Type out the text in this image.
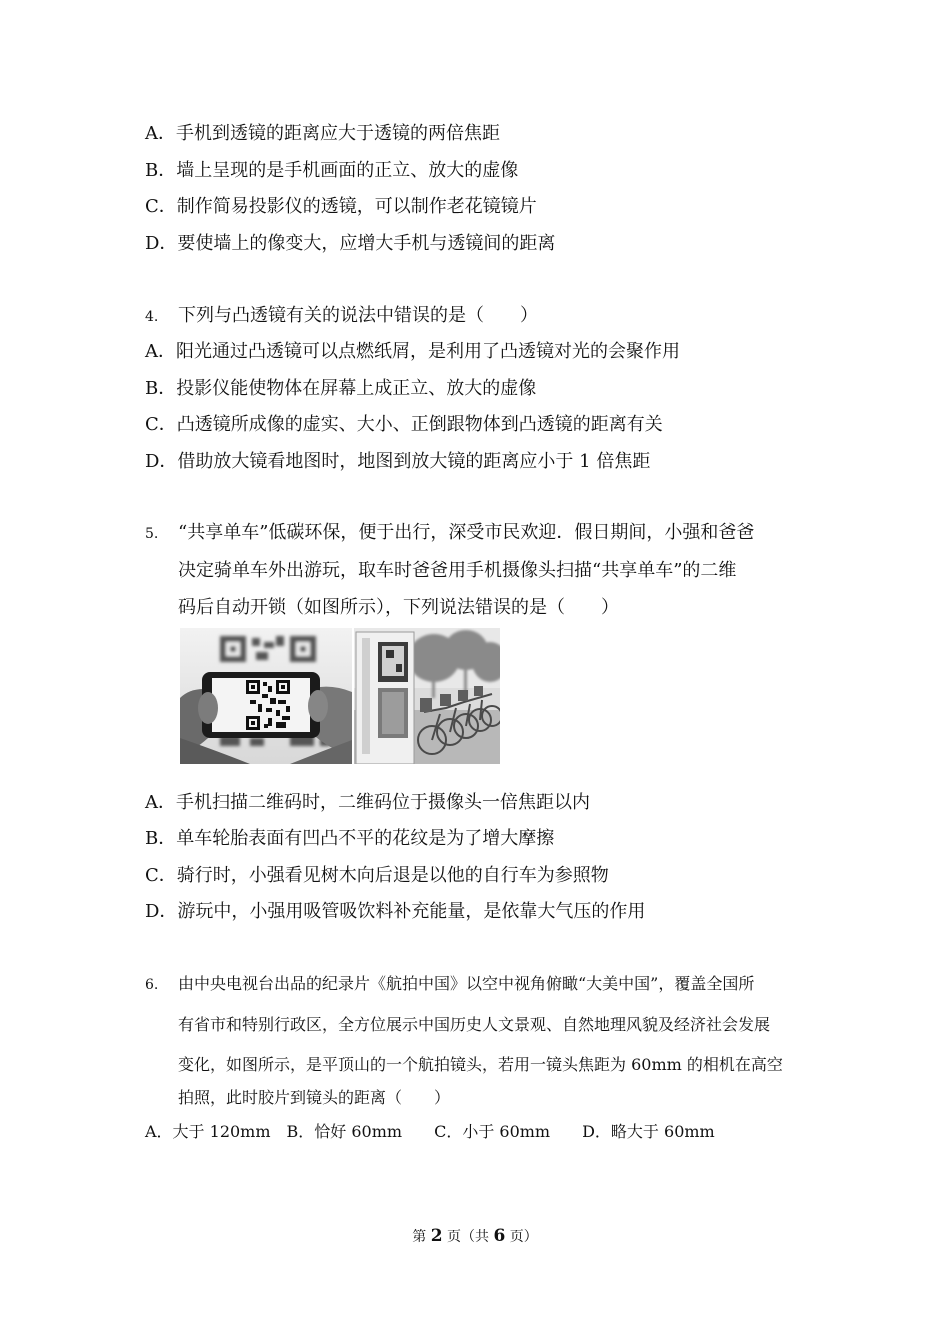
A．手机到透镜的距离应大于透镜的两倍焦距
B．墙上呈现的是手机画面的正立、放大的虚像
C．制作简易投影仪的透镜，可以制作老花镜镜片
D．要使墙上的像变大，应增大手机与透镜间的距离
4. 下列与凸透镜有关的说法中错误的是（　　）
A．阳光通过凸透镜可以点燃纸屑，是利用了凸透镜对光的会聚作用
B．投影仪能使物体在屏幕上成正立、放大的虚像
C．凸透镜所成像的虚实、大小、正倒跟物体到凸透镜的距离有关
D．借助放大镜看地图时，地图到放大镜的距离应小于 1 倍焦距
5. “共享单车”低碳环保，便于出行，深受市民欢迎．假日期间，小强和爸爸
决定骑单车外出游玩，取车时爸爸用手机摄像头扫描“共享单车”的二维
码后自动开锁（如图所示），下列说法错误的是（　　）
A．手机扫描二维码时，二维码位于摄像头一倍焦距以内
B．单车轮胎表面有凹凸不平的花纹是为了增大摩擦
C．骑行时，小强看见树木向后退是以他的自行车为参照物
D．游玩中，小强用吸管吸饮料补充能量，是依靠大气压的作用
6. 由中央电视台出品的纪录片《航拍中国》以空中视角俯瞰“大美中国”，覆盖全国所
有省市和特别行政区，全方位展示中国历史人文景观、自然地理风貌及经济社会发展
变化，如图所示，是平顶山的一个航拍镜头，若用一镜头焦距为 60mm 的相机在高空
拍照，此时胶片到镜头的距离（　　）
A．大于 120mm　B．恰好 60mm　　C．小于 60mm　　D．略大于 60mm
第 2 页（共 6 页）
